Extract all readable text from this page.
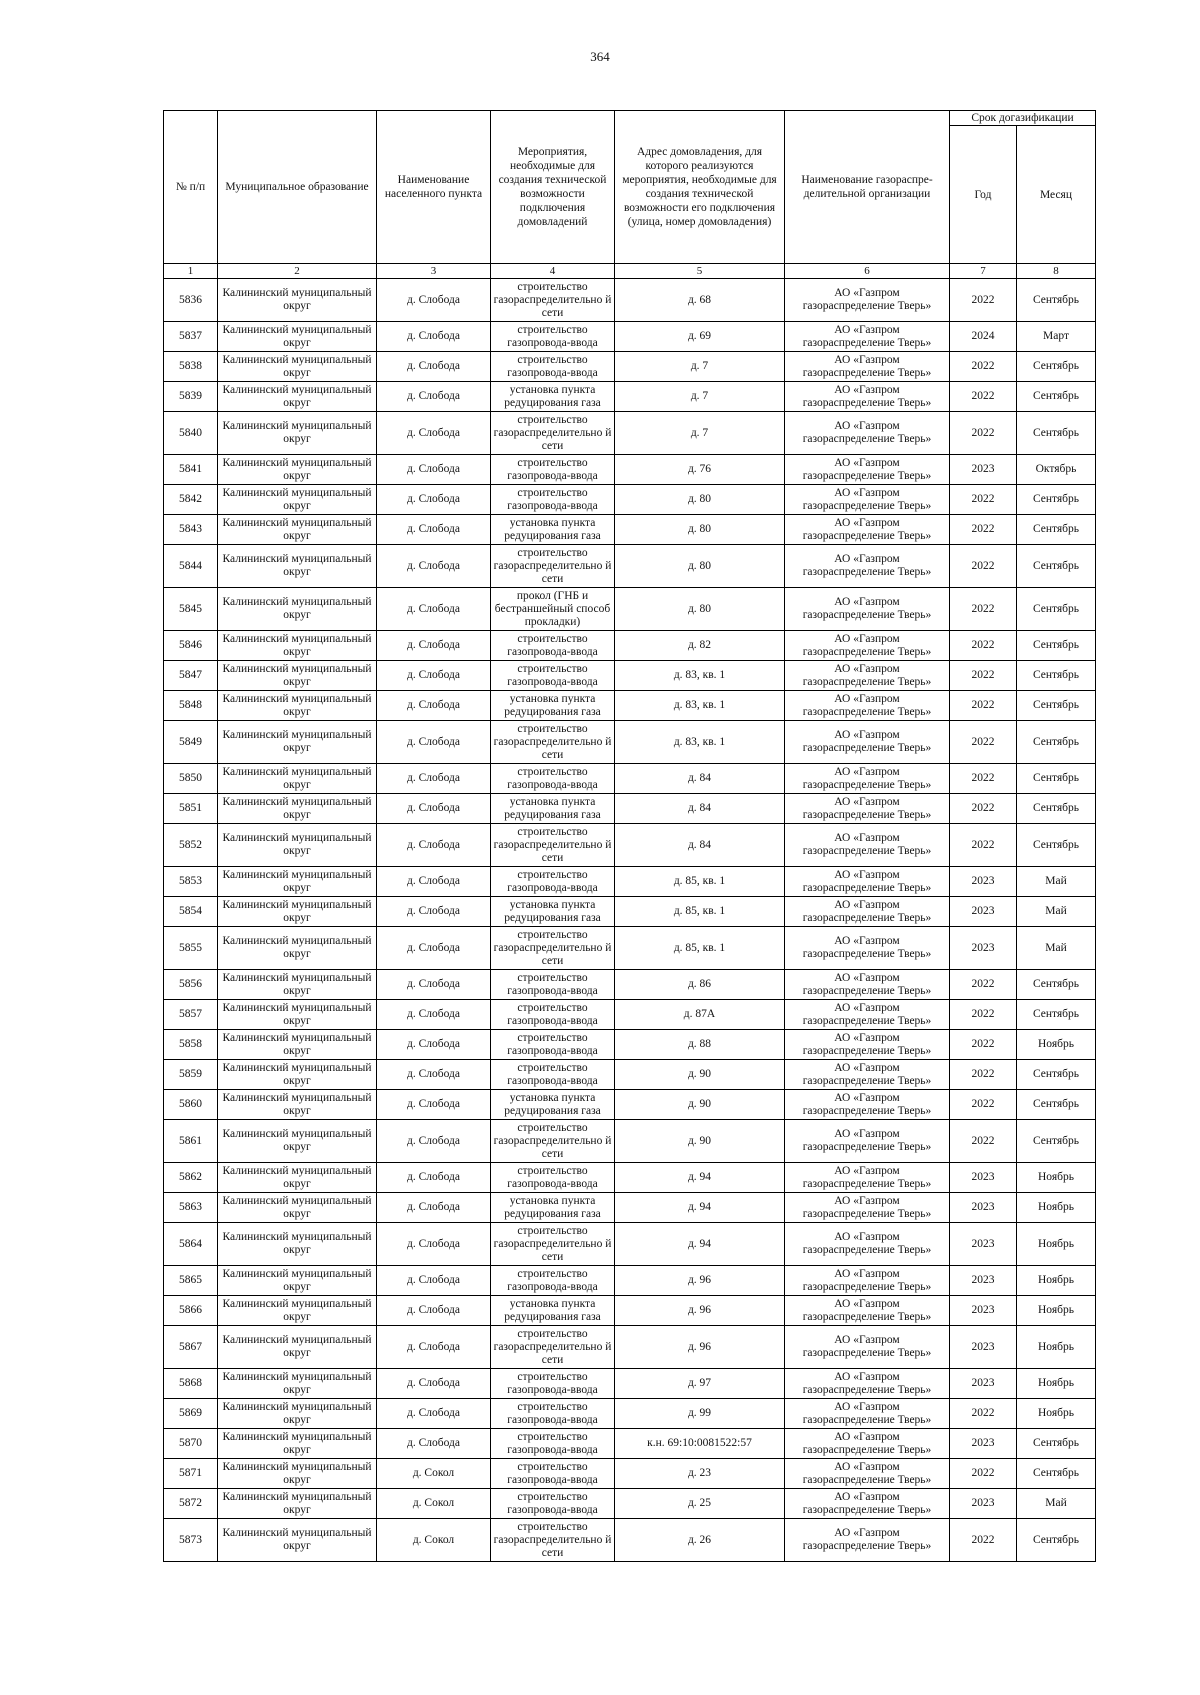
364
№ п/п	Муниципальное образование	Наименование населенного пункта	Мероприятия, необходимые для создания технической возможности подключения домовладений	Адрес домовладения, для которого реализуются мероприятия, необходимые для создания технической возможности его подключения (улица, номер домовладения)	Наименование газораспре-делительной организации	Срок догазификации	
						Год	Месяц
1	2	3	4	5	6	7	8
5836	Калининский муниципальный округ	д. Слобода	строительство газораспределительно й сети	д. 68	АО «Газпром газораспределение Тверь»	2022	Сентябрь
5837	Калининский муниципальный округ	д. Слобода	строительство газопровода-ввода	д. 69	АО «Газпром газораспределение Тверь»	2024	Март
5838	Калининский муниципальный округ	д. Слобода	строительство газопровода-ввода	д. 7	АО «Газпром газораспределение Тверь»	2022	Сентябрь
5839	Калининский муниципальный округ	д. Слобода	установка пункта редуцирования газа	д. 7	АО «Газпром газораспределение Тверь»	2022	Сентябрь
5840	Калининский муниципальный округ	д. Слобода	строительство газораспределительно й сети	д. 7	АО «Газпром газораспределение Тверь»	2022	Сентябрь
5841	Калининский муниципальный округ	д. Слобода	строительство газопровода-ввода	д. 76	АО «Газпром газораспределение Тверь»	2023	Октябрь
5842	Калининский муниципальный округ	д. Слобода	строительство газопровода-ввода	д. 80	АО «Газпром газораспределение Тверь»	2022	Сентябрь
5843	Калининский муниципальный округ	д. Слобода	установка пункта редуцирования газа	д. 80	АО «Газпром газораспределение Тверь»	2022	Сентябрь
5844	Калининский муниципальный округ	д. Слобода	строительство газораспределительно й сети	д. 80	АО «Газпром газораспределение Тверь»	2022	Сентябрь
5845	Калининский муниципальный округ	д. Слобода	прокол (ГНБ и бестраншейный способ прокладки)	д. 80	АО «Газпром газораспределение Тверь»	2022	Сентябрь
5846	Калининский муниципальный округ	д. Слобода	строительство газопровода-ввода	д. 82	АО «Газпром газораспределение Тверь»	2022	Сентябрь
5847	Калининский муниципальный округ	д. Слобода	строительство газопровода-ввода	д. 83, кв. 1	АО «Газпром газораспределение Тверь»	2022	Сентябрь
5848	Калининский муниципальный округ	д. Слобода	установка пункта редуцирования газа	д. 83, кв. 1	АО «Газпром газораспределение Тверь»	2022	Сентябрь
5849	Калининский муниципальный округ	д. Слобода	строительство газораспределительно й сети	д. 83, кв. 1	АО «Газпром газораспределение Тверь»	2022	Сентябрь
5850	Калининский муниципальный округ	д. Слобода	строительство газопровода-ввода	д. 84	АО «Газпром газораспределение Тверь»	2022	Сентябрь
5851	Калининский муниципальный округ	д. Слобода	установка пункта редуцирования газа	д. 84	АО «Газпром газораспределение Тверь»	2022	Сентябрь
5852	Калининский муниципальный округ	д. Слобода	строительство газораспределительно й сети	д. 84	АО «Газпром газораспределение Тверь»	2022	Сентябрь
5853	Калининский муниципальный округ	д. Слобода	строительство газопровода-ввода	д. 85, кв. 1	АО «Газпром газораспределение Тверь»	2023	Май
5854	Калининский муниципальный округ	д. Слобода	установка пункта редуцирования газа	д. 85, кв. 1	АО «Газпром газораспределение Тверь»	2023	Май
5855	Калининский муниципальный округ	д. Слобода	строительство газораспределительно й сети	д. 85, кв. 1	АО «Газпром газораспределение Тверь»	2023	Май
5856	Калининский муниципальный округ	д. Слобода	строительство газопровода-ввода	д. 86	АО «Газпром газораспределение Тверь»	2022	Сентябрь
5857	Калининский муниципальный округ	д. Слобода	строительство газопровода-ввода	д. 87А	АО «Газпром газораспределение Тверь»	2022	Сентябрь
5858	Калининский муниципальный округ	д. Слобода	строительство газопровода-ввода	д. 88	АО «Газпром газораспределение Тверь»	2022	Ноябрь
5859	Калининский муниципальный округ	д. Слобода	строительство газопровода-ввода	д. 90	АО «Газпром газораспределение Тверь»	2022	Сентябрь
5860	Калининский муниципальный округ	д. Слобода	установка пункта редуцирования газа	д. 90	АО «Газпром газораспределение Тверь»	2022	Сентябрь
5861	Калининский муниципальный округ	д. Слобода	строительство газораспределительно й сети	д. 90	АО «Газпром газораспределение Тверь»	2022	Сентябрь
5862	Калининский муниципальный округ	д. Слобода	строительство газопровода-ввода	д. 94	АО «Газпром газораспределение Тверь»	2023	Ноябрь
5863	Калининский муниципальный округ	д. Слобода	установка пункта редуцирования газа	д. 94	АО «Газпром газораспределение Тверь»	2023	Ноябрь
5864	Калининский муниципальный округ	д. Слобода	строительство газораспределительно й сети	д. 94	АО «Газпром газораспределение Тверь»	2023	Ноябрь
5865	Калининский муниципальный округ	д. Слобода	строительство газопровода-ввода	д. 96	АО «Газпром газораспределение Тверь»	2023	Ноябрь
5866	Калининский муниципальный округ	д. Слобода	установка пункта редуцирования газа	д. 96	АО «Газпром газораспределение Тверь»	2023	Ноябрь
5867	Калининский муниципальный округ	д. Слобода	строительство газораспределительно й сети	д. 96	АО «Газпром газораспределение Тверь»	2023	Ноябрь
5868	Калининский муниципальный округ	д. Слобода	строительство газопровода-ввода	д. 97	АО «Газпром газораспределение Тверь»	2023	Ноябрь
5869	Калининский муниципальный округ	д. Слобода	строительство газопровода-ввода	д. 99	АО «Газпром газораспределение Тверь»	2022	Ноябрь
5870	Калининский муниципальный округ	д. Слобода	строительство газопровода-ввода	к.н. 69:10:0081522:57	АО «Газпром газораспределение Тверь»	2023	Сентябрь
5871	Калининский муниципальный округ	д. Сокол	строительство газопровода-ввода	д. 23	АО «Газпром газораспределение Тверь»	2022	Сентябрь
5872	Калининский муниципальный округ	д. Сокол	строительство газопровода-ввода	д. 25	АО «Газпром газораспределение Тверь»	2023	Май
5873	Калининский муниципальный округ	д. Сокол	строительство газораспределительно й сети	д. 26	АО «Газпром газораспределение Тверь»	2022	Сентябрь
